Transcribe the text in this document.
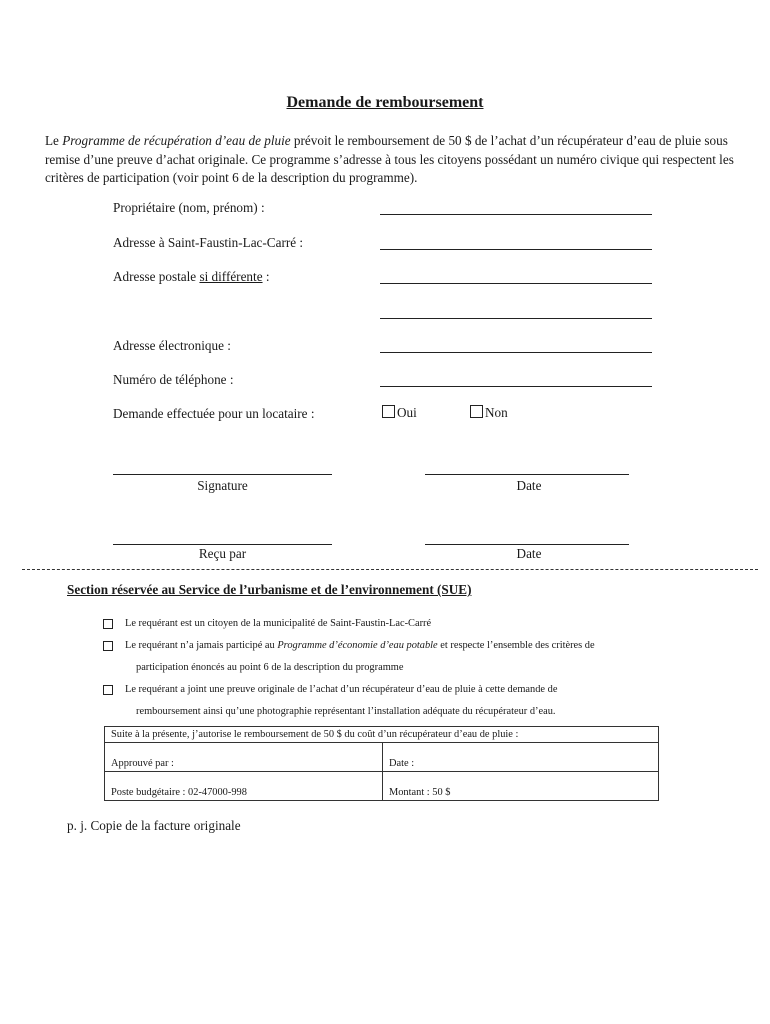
Demande de remboursement
Le Programme de récupération d’eau de pluie prévoit le remboursement de 50 $ de l’achat d’un récupérateur d’eau de pluie sous remise d’une preuve d’achat originale. Ce programme s’adresse à tous les citoyens possédant un numéro civique qui respectent les critères de participation (voir point 6 de la description du programme).
Propriétaire (nom, prénom) :
Adresse à Saint-Faustin-Lac-Carré :
Adresse postale si différente :
Adresse électronique :
Numéro de téléphone :
Demande effectuée pour un locataire :	Oui	Non
Signature	Date
Reçu par	Date
Section réservée au Service de l’urbanisme et de l’environnement (SUE)
Le requérant est un citoyen de la municipalité de Saint-Faustin-Lac-Carré
Le requérant n’a jamais participé au Programme d’économie d’eau potable et respecte l’ensemble des critères de
participation énoncés au point 6 de la description du programme
Le requérant a joint une preuve originale de l’achat d’un récupérateur d’eau de pluie à cette demande de
remboursement ainsi qu’une photographie représentant l’installation adéquate du récupérateur d’eau.
Suite à la présente, j’autorise le remboursement de 50 $ du coût d’un récupérateur d’eau de pluie :	
Approuvé par :	Date :
Poste budgétaire : 02-47000-998	Montant : 50 $
p. j. Copie de la facture originale
